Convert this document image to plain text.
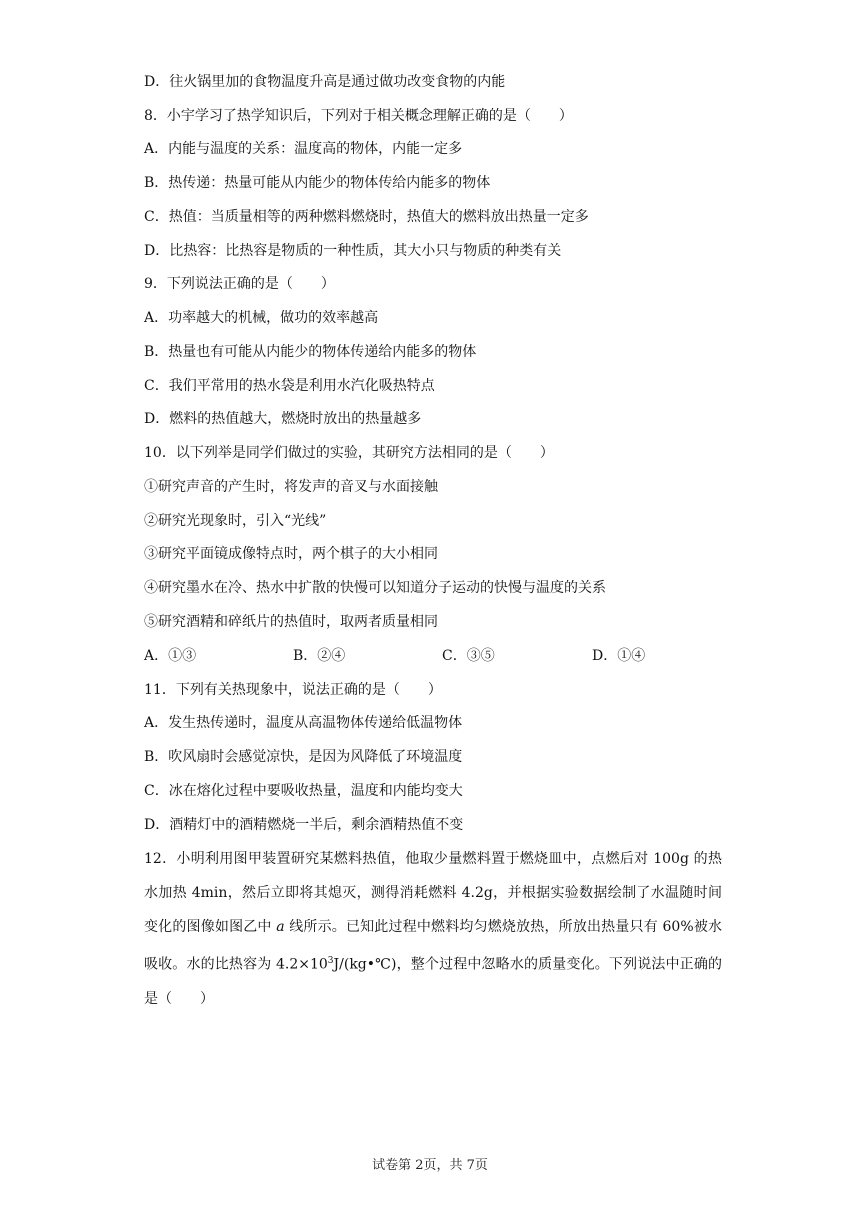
D．往火锅里加的食物温度升高是通过做功改变食物的内能
8．小宇学习了热学知识后，下列对于相关概念理解正确的是（　　）
A．内能与温度的关系：温度高的物体，内能一定多
B．热传递：热量可能从内能少的物体传给内能多的物体
C．热值：当质量相等的两种燃料燃烧时，热值大的燃料放出热量一定多
D．比热容：比热容是物质的一种性质，其大小只与物质的种类有关
9．下列说法正确的是（　　）
A．功率越大的机械，做功的效率越高
B．热量也有可能从内能少的物体传递给内能多的物体
C．我们平常用的热水袋是利用水汽化吸热特点
D．燃料的热值越大，燃烧时放出的热量越多
10．以下列举是同学们做过的实验，其研究方法相同的是（　　）
①研究声音的产生时，将发声的音叉与水面接触
②研究光现象时，引入“光线”
③研究平面镜成像特点时，两个棋子的大小相同
④研究墨水在冷、热水中扩散的快慢可以知道分子运动的快慢与温度的关系
⑤研究酒精和碎纸片的热值时，取两者质量相同
A．①③	B．②④	C．③⑤	D．①④
11．下列有关热现象中，说法正确的是（　　）
A．发生热传递时，温度从高温物体传递给低温物体
B．吹风扇时会感觉凉快，是因为风降低了环境温度
C．冰在熔化过程中要吸收热量，温度和内能均变大
D．酒精灯中的酒精燃烧一半后，剩余酒精热值不变
12．小明利用图甲装置研究某燃料热值，他取少量燃料置于燃烧皿中，点燃后对 100g 的热水加热 4min，然后立即将其熄灭，测得消耗燃料 4.2g，并根据实验数据绘制了水温随时间变化的图像如图乙中 a 线所示。已知此过程中燃料均匀燃烧放热，所放出热量只有 60%被水吸收。水的比热容为 $4.2\times 10^3J/(kg•℃)$，整个过程中忽略水的质量变化。下列说法中正确的是（　　）
试卷第 2页，共 7页
